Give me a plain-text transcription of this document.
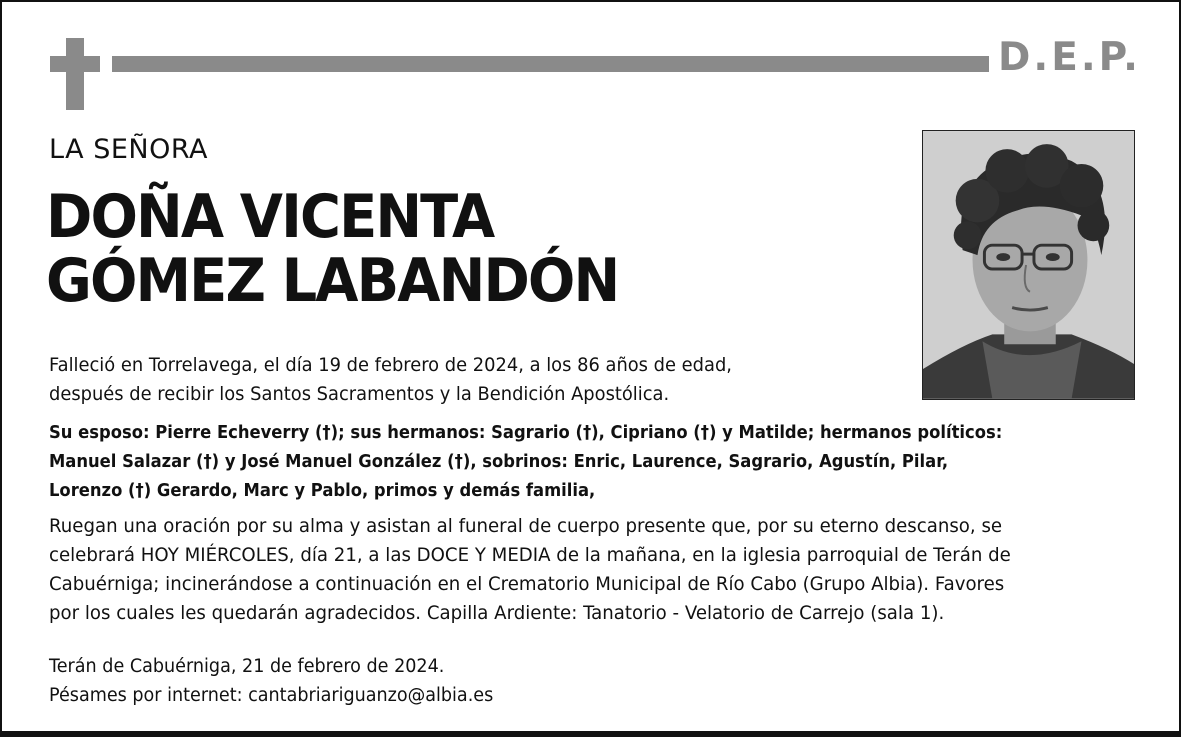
D.E.P.
LA SEÑORA
DOÑA VICENTA
GÓMEZ LABANDÓN
Falleció en Torrelavega, el día 19 de febrero de 2024, a los 86 años de edad,
después de recibir los Santos Sacramentos y la Bendición Apostólica.
Su esposo: Pierre Echeverry (†); sus hermanos: Sagrario (†), Cipriano (†) y Matilde; hermanos políticos:
Manuel Salazar (†) y José Manuel González (†), sobrinos: Enric, Laurence, Sagrario, Agustín, Pilar,
Lorenzo (†) Gerardo, Marc y Pablo, primos y demás familia,
Ruegan una oración por su alma y asistan al funeral de cuerpo presente que, por su eterno descanso, se
celebrará HOY MIÉRCOLES, día 21, a las DOCE Y MEDIA de la mañana, en la iglesia parroquial de Terán de
Cabuérniga; incinerándose a continuación en el Crematorio Municipal de Río Cabo (Grupo Albia). Favores
por los cuales les quedarán agradecidos. Capilla Ardiente: Tanatorio - Velatorio de Carrejo (sala 1).
Terán de Cabuérniga, 21 de febrero de 2024.
Pésames por internet: cantabriariguanzo@albia.es
